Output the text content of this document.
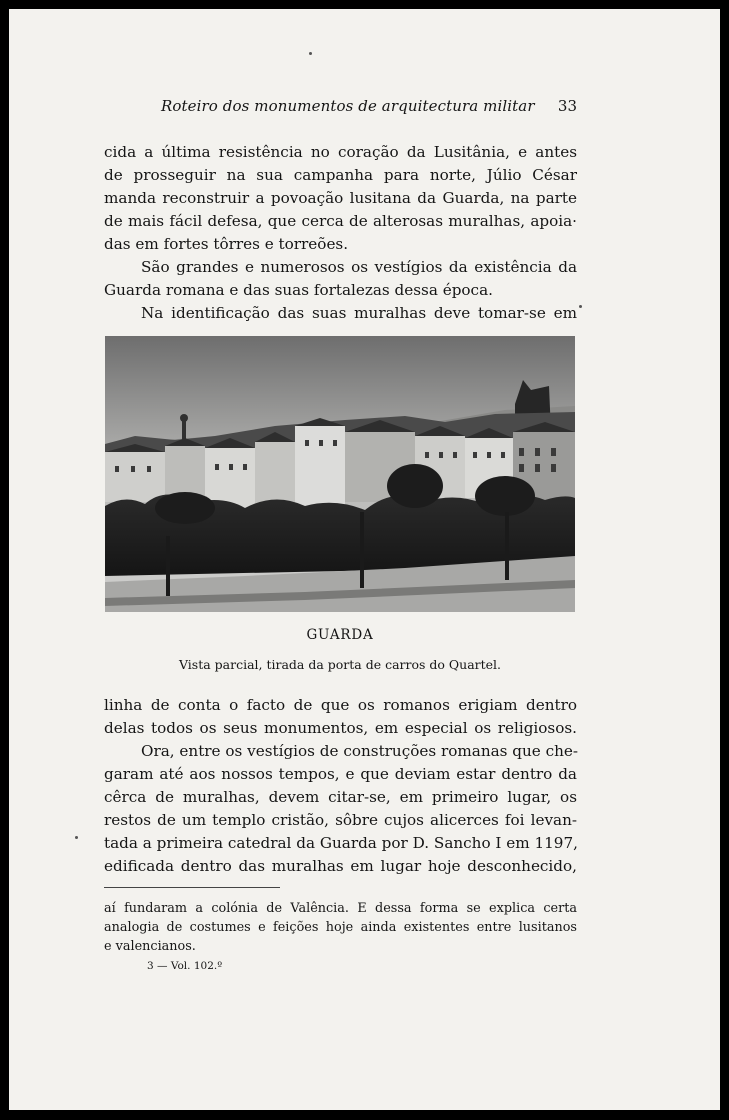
Roteiro dos monumentos de arquitectura militar 33
cida a última resistência no coração da Lusitânia, e antes
de prosseguir na sua campanha para norte, Júlio César
manda reconstruir a povoação lusitana da Guarda, na parte
de mais fácil defesa, que cerca de alterosas muralhas, apoia·
das em fortes tôrres e torreões.
São grandes e numerosos os vestígios da existência da
Guarda romana e das suas fortalezas dessa época.
Na identificação das suas muralhas deve tomar-se em
GUARDA
Vista parcial, tirada da porta de carros do Quartel.
linha de conta o facto de que os romanos erigiam dentro
delas todos os seus monumentos, em especial os religiosos.
Ora, entre os vestígios de construções romanas que che-
garam até aos nossos tempos, e que deviam estar dentro da
cêrca de muralhas, devem citar-se, em primeiro lugar, os
restos de um templo cristão, sôbre cujos alicerces foi levan-
tada a primeira catedral da Guarda por D. Sancho I em 1197,
edificada dentro das muralhas em lugar hoje desconhecido,
aí fundaram a colónia de Valência. E dessa forma se explica certa
analogia de costumes e feições hoje ainda existentes entre lusitanos
e valencianos.
3 — Vol. 102.º
